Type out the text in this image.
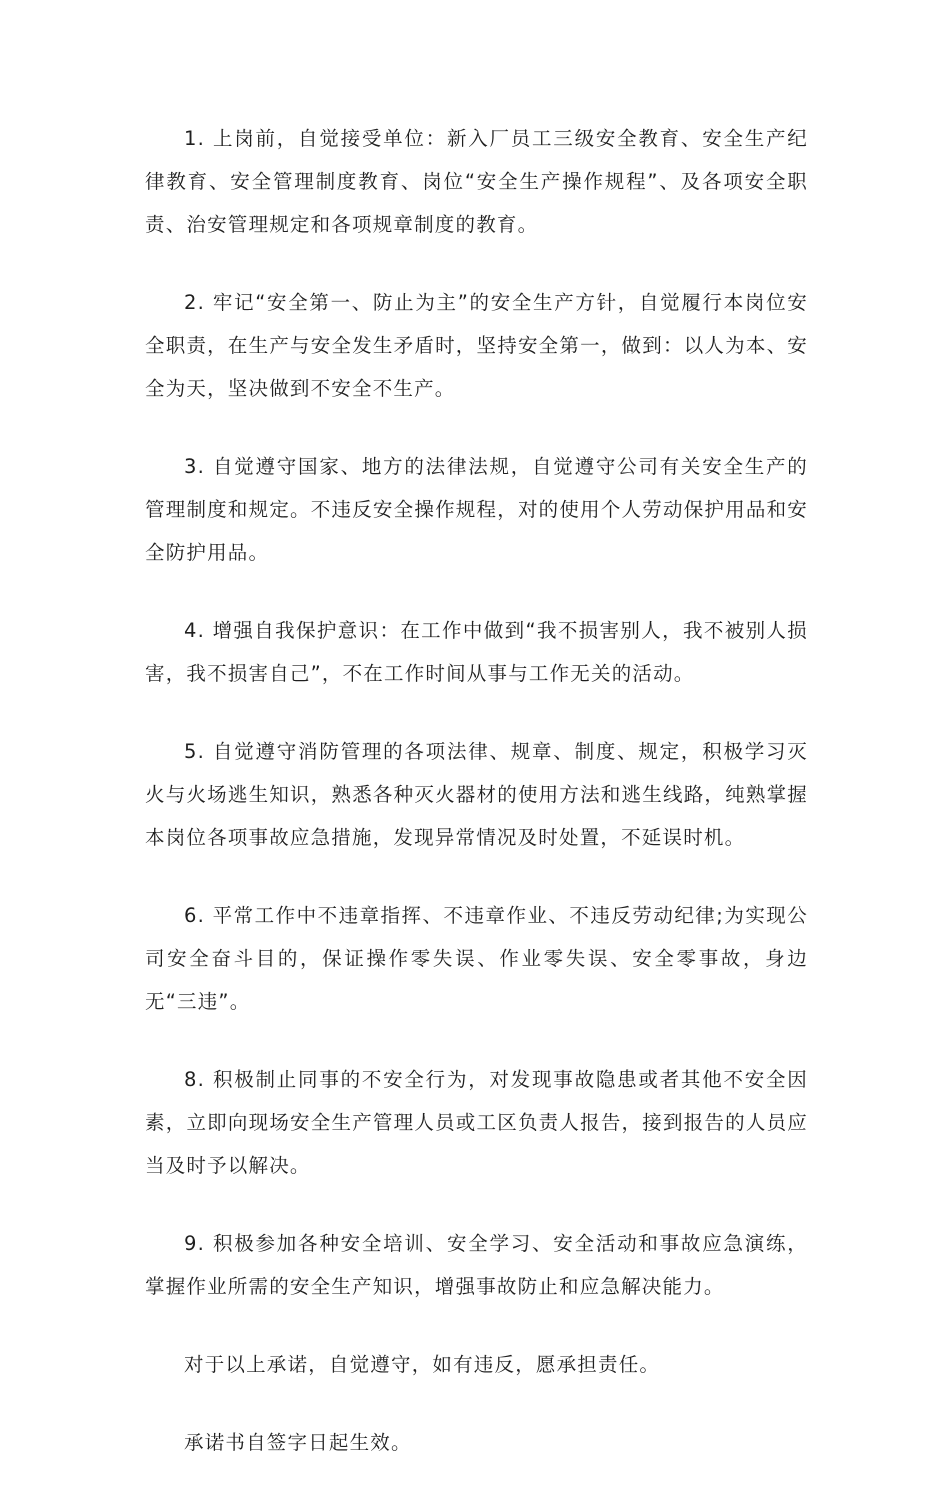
1. 上岗前，自觉接受单位：新入厂员工三级安全教育、安全生产纪律教育、安全管理制度教育、岗位“安全生产操作规程”、及各项安全职责、治安管理规定和各项规章制度的教育。

2. 牢记“安全第一、防止为主”的安全生产方针，自觉履行本岗位安全职责，在生产与安全发生矛盾时，坚持安全第一，做到：以人为本、安全为天，坚决做到不安全不生产。

3. 自觉遵守国家、地方的法律法规，自觉遵守公司有关安全生产的管理制度和规定。不违反安全操作规程，对的使用个人劳动保护用品和安全防护用品。

4. 增强自我保护意识：在工作中做到“我不损害别人，我不被别人损害，我不损害自己”，不在工作时间从事与工作无关的活动。

5. 自觉遵守消防管理的各项法律、规章、制度、规定，积极学习灭火与火场逃生知识，熟悉各种灭火器材的使用方法和逃生线路，纯熟掌握本岗位各项事故应急措施，发现异常情况及时处置，不延误时机。

6. 平常工作中不违章指挥、不违章作业、不违反劳动纪律;为实现公司安全奋斗目的，保证操作零失误、作业零失误、安全零事故，身边无“三违”。

8. 积极制止同事的不安全行为，对发现事故隐患或者其他不安全因素，立即向现场安全生产管理人员或工区负责人报告，接到报告的人员应当及时予以解决。

9. 积极参加各种安全培训、安全学习、安全活动和事故应急演练，掌握作业所需的安全生产知识，增强事故防止和应急解决能力。

对于以上承诺，自觉遵守，如有违反，愿承担责任。

承诺书自签字日起生效。
